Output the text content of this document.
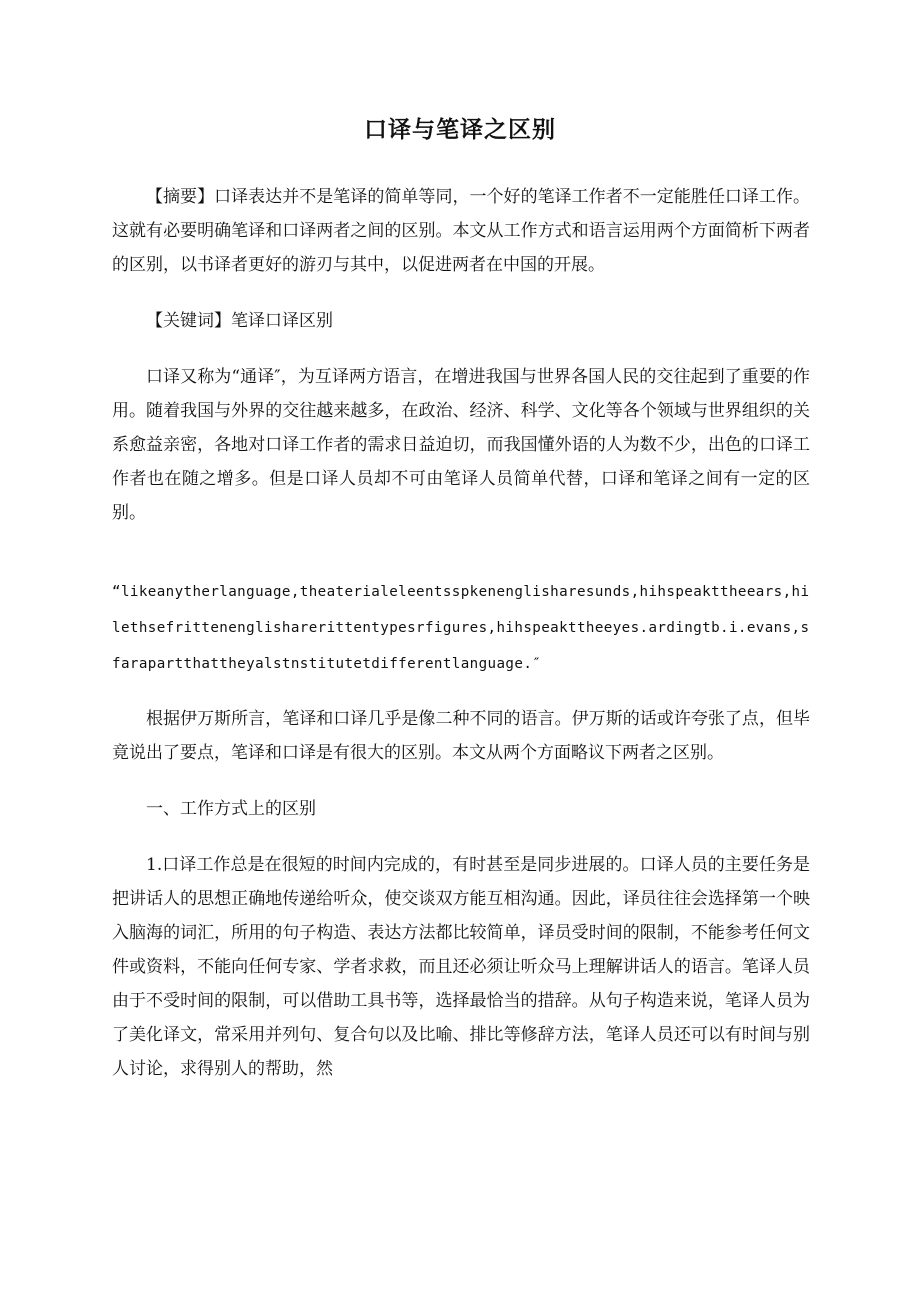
口译与笔译之区别

【摘要】口译表达并不是笔译的简单等同，一个好的笔译工作者不一定能胜任口译工作。这就有必要明确笔译和口译两者之间的区别。本文从工作方式和语言运用两个方面简析下两者的区别，以书译者更好的游刃与其中，以促进两者在中国的开展。

【关键词】笔译口译区别

口译又称为“通译″，为互译两方语言，在增进我国与世界各国人民的交往起到了重要的作用。随着我国与外界的交往越来越多，在政治、经济、科学、文化等各个领域与世界组织的关系愈益亲密，各地对口译工作者的需求日益迫切，而我国懂外语的人为数不少，出色的口译工作者也在随之增多。但是口译人员却不可由笔译人员简单代替，口译和笔译之间有一定的区别。

“likeanytherlanguage,theaterialeleentsspkenenglisharesunds,hihspeakttheears,hilethsefrittenenglisharerittentypesrfigures,hihspeakttheeyes.ardingtb.i.evans,sfarapartthattheyalstnstitutetdifferentlanguage.″

根据伊万斯所言，笔译和口译几乎是像二种不同的语言。伊万斯的话或许夸张了点，但毕竟说出了要点，笔译和口译是有很大的区别。本文从两个方面略议下两者之区别。

一、工作方式上的区别

1.口译工作总是在很短的时间内完成的，有时甚至是同步进展的。口译人员的主要任务是把讲话人的思想正确地传递给听众，使交谈双方能互相沟通。因此，译员往往会选择第一个映入脑海的词汇，所用的句子构造、表达方法都比较简单，译员受时间的限制，不能参考任何文件或资料，不能向任何专家、学者求救，而且还必须让听众马上理解讲话人的语言。笔译人员由于不受时间的限制，可以借助工具书等，选择最恰当的措辞。从句子构造来说，笔译人员为了美化译文，常采用并列句、复合句以及比喻、排比等修辞方法，笔译人员还可以有时间与别人讨论，求得别人的帮助，然
